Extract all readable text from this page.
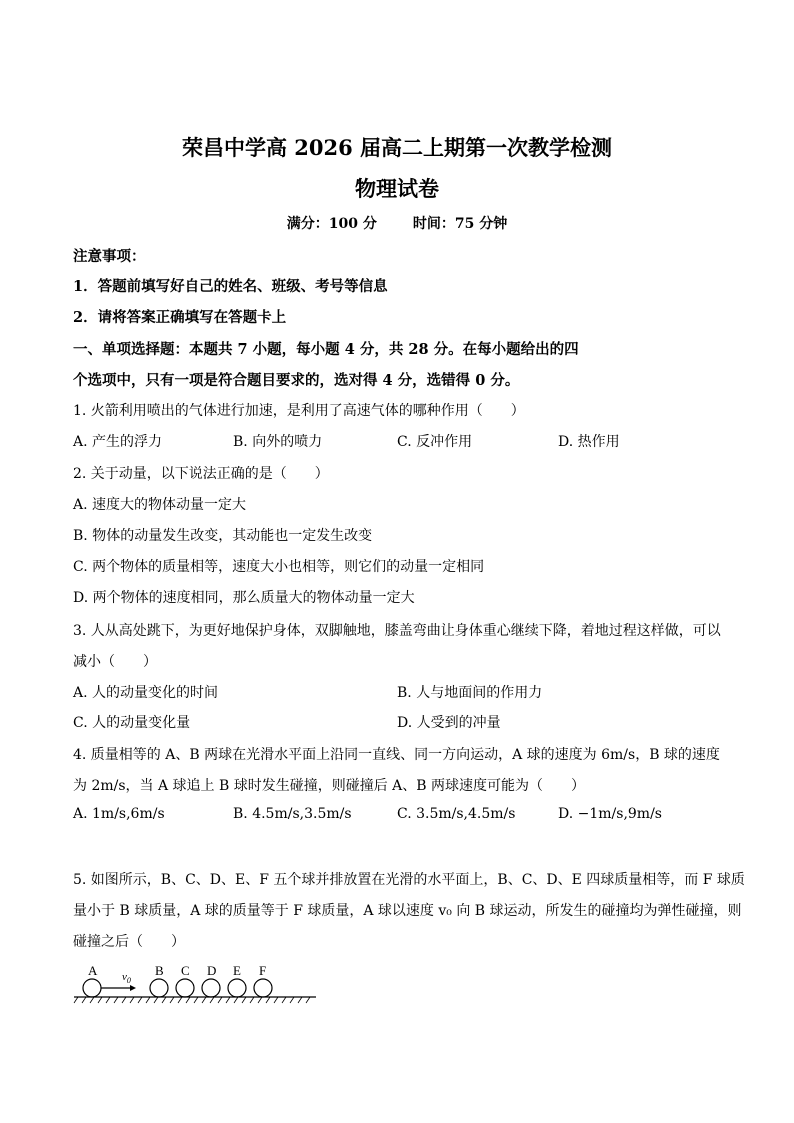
荣昌中学高 2026 届高二上期第一次教学检测
物理试卷
满分：100 分	时间：75 分钟
注意事项：
1．答题前填写好自己的姓名、班级、考号等信息
2．请将答案正确填写在答题卡上
一、单项选择题：本题共 7 小题，每小题 4 分，共 28 分。在每小题给出的四
个选项中，只有一项是符合题目要求的，选对得 4 分，选错得 0 分。
1. 火箭利用喷出的气体进行加速，是利用了高速气体的哪种作用（　　）
A. 产生的浮力	B. 向外的喷力	C. 反冲作用	D. 热作用
2. 关于动量，以下说法正确的是（　　）
A. 速度大的物体动量一定大
B. 物体的动量发生改变，其动能也一定发生改变
C. 两个物体的质量相等，速度大小也相等，则它们的动量一定相同
D. 两个物体的速度相同，那么质量大的物体动量一定大
3. 人从高处跳下，为更好地保护身体，双脚触地，膝盖弯曲让身体重心继续下降，着地过程这样做，可以
减小（　　）
A. 人的动量变化的时间	B. 人与地面间的作用力
C. 人的动量变化量	D. 人受到的冲量
4. 质量相等的 A、B 两球在光滑水平面上沿同一直线、同一方向运动，A 球的速度为 6m/s，B 球的速度
为 2m/s，当 A 球追上 B 球时发生碰撞，则碰撞后 A、B 两球速度可能为（　　）
A. 1m/s,6m/s	B. 4.5m/s,3.5m/s	C. 3.5m/s,4.5m/s	D. −1m/s,9m/s
5. 如图所示，B、C、D、E、F 五个球并排放置在光滑的水平面上，B、C、D、E 四球质量相等，而 F 球质
量小于 B 球质量，A 球的质量等于 F 球质量，A 球以速度 v₀ 向 B 球运动，所发生的碰撞均为弹性碰撞，则
碰撞之后（　　）
A $v_0$
B C D E F
